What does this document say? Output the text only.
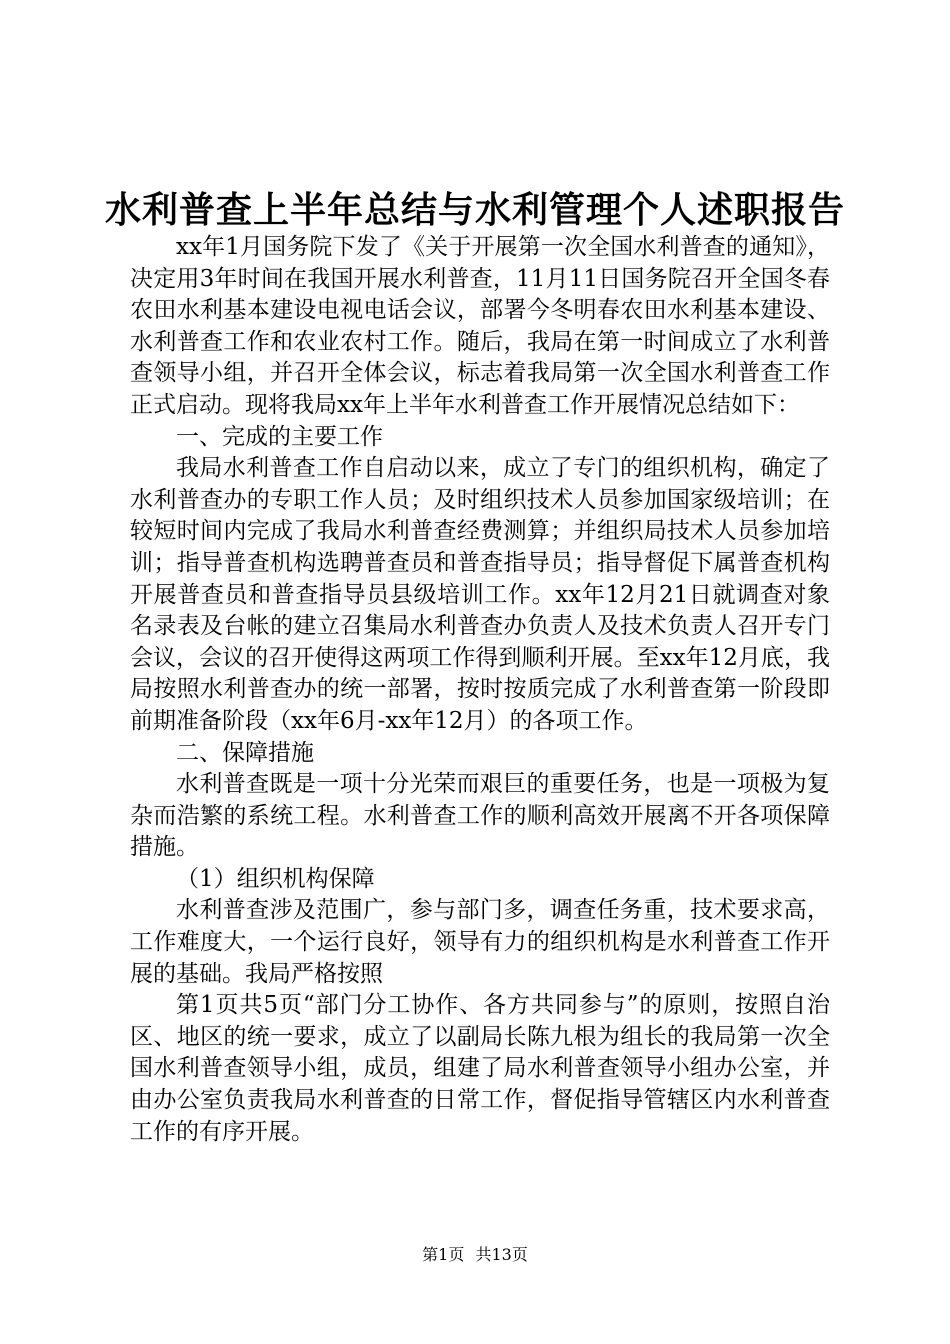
水利普查上半年总结与水利管理个人述职报告

xx年1月国务院下发了《关于开展第一次全国水利普查的通知》，决定用3年时间在我国开展水利普查，11月11日国务院召开全国冬春农田水利基本建设电视电话会议，部署今冬明春农田水利基本建设、水利普查工作和农业农村工作。随后，我局在第一时间成立了水利普查领导小组，并召开全体会议，标志着我局第一次全国水利普查工作正式启动。现将我局xx年上半年水利普查工作开展情况总结如下：

一、完成的主要工作

我局水利普查工作自启动以来，成立了专门的组织机构，确定了水利普查办的专职工作人员；及时组织技术人员参加国家级培训；在较短时间内完成了我局水利普查经费测算；并组织局技术人员参加培训；指导普查机构选聘普查员和普查指导员；指导督促下属普查机构开展普查员和普查指导员县级培训工作。xx年12月21日就调查对象名录表及台帐的建立召集局水利普查办负责人及技术负责人召开专门会议，会议的召开使得这两项工作得到顺利开展。至xx年12月底，我局按照水利普查办的统一部署，按时按质完成了水利普查第一阶段即前期准备阶段（xx年6月-xx年12月）的各项工作。

二、保障措施

水利普查既是一项十分光荣而艰巨的重要任务，也是一项极为复杂而浩繁的系统工程。水利普查工作的顺利高效开展离不开各项保障措施。

（1）组织机构保障

水利普查涉及范围广，参与部门多，调查任务重，技术要求高，工作难度大，一个运行良好，领导有力的组织机构是水利普查工作开展的基础。我局严格按照

第1页共5页“部门分工协作、各方共同参与”的原则，按照自治区、地区的统一要求，成立了以副局长陈九根为组长的我局第一次全国水利普查领导小组，成员，组建了局水利普查领导小组办公室，并由办公室负责我局水利普查的日常工作，督促指导管辖区内水利普查工作的有序开展。

第1页 共13页
